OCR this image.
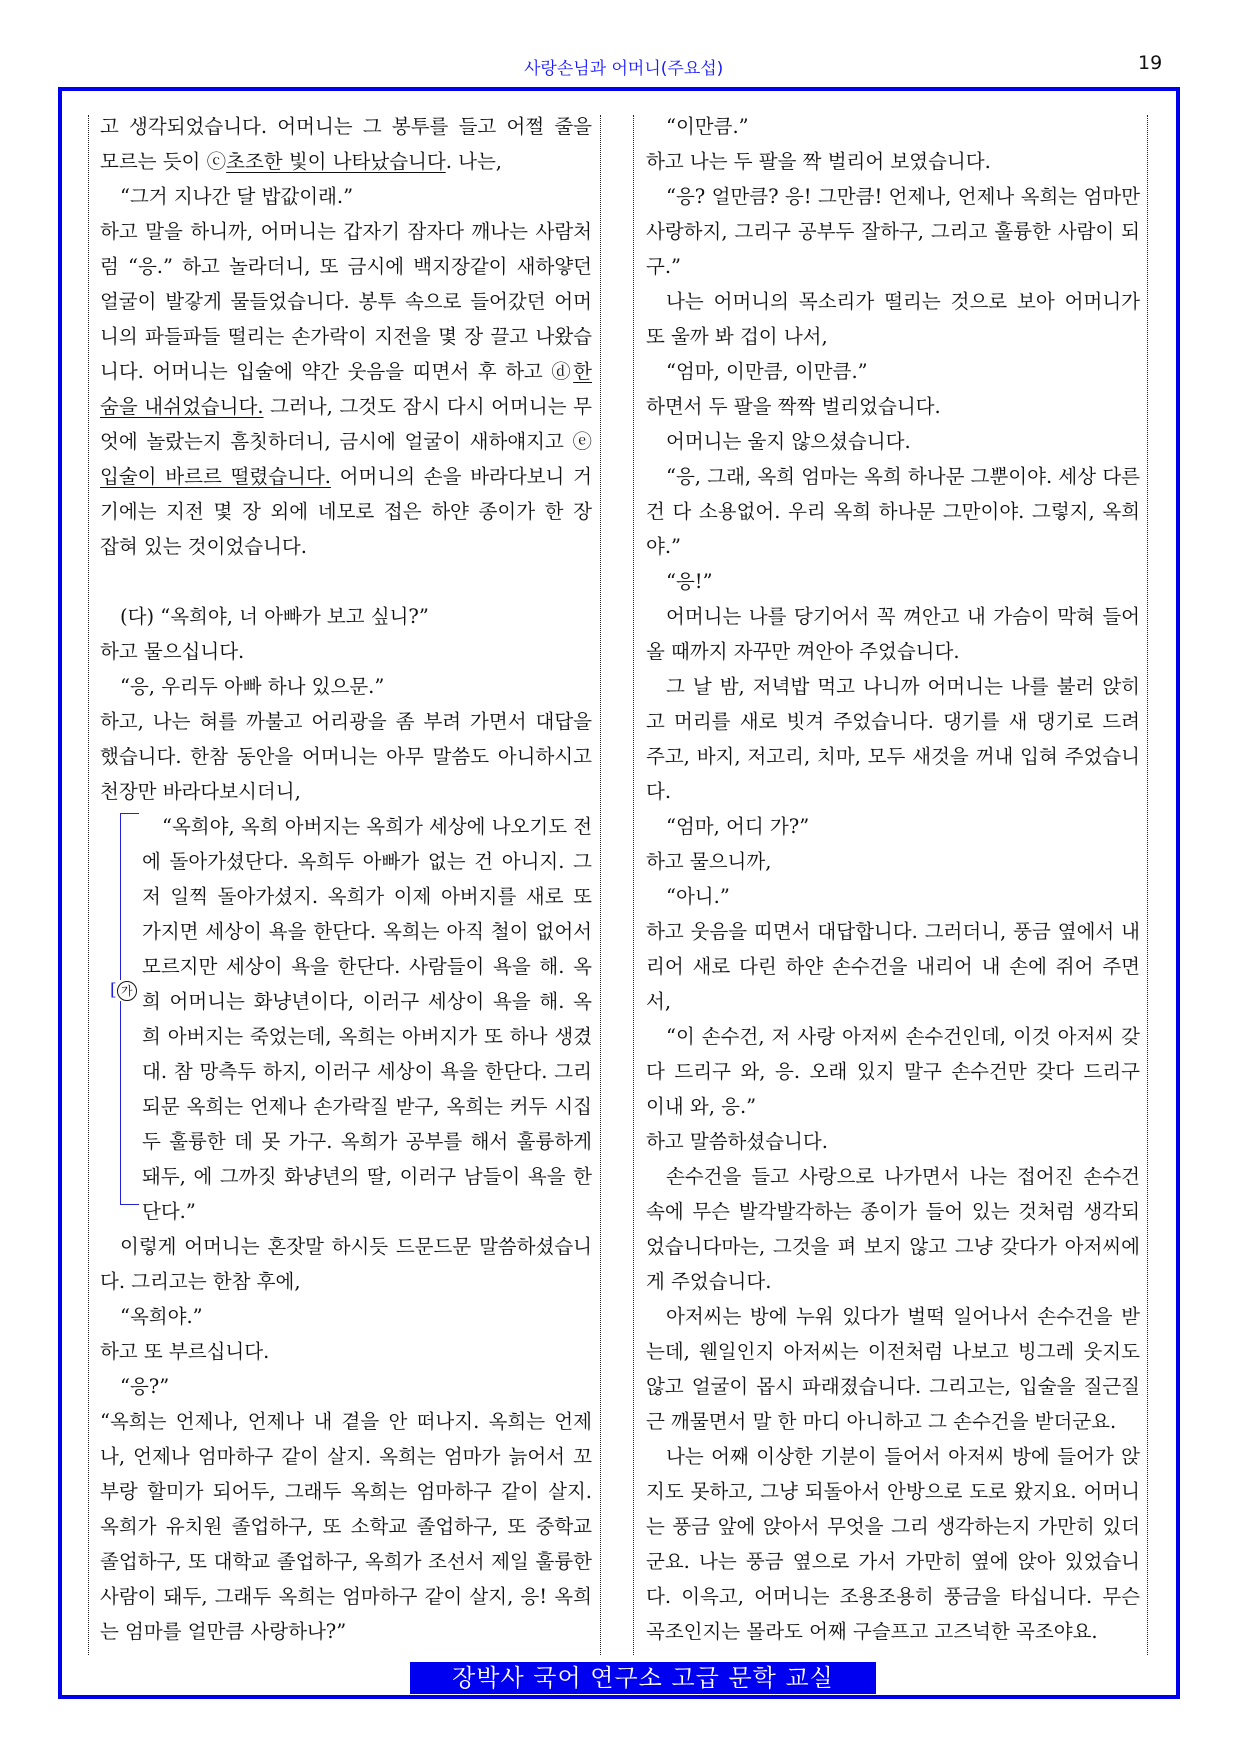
사랑손님과 어머니(주요섭)	19
고 생각되었습니다. 어머니는 그 봉투를 들고 어쩔 줄을
모르는 듯이 ⓒ초조한 빛이 나타났습니다. 나는,
“그거 지나간 달 밥값이래.”
하고 말을 하니까, 어머니는 갑자기 잠자다 깨나는 사람처
럼 “응.” 하고 놀라더니, 또 금시에 백지장같이 새하얗던
얼굴이 발갛게 물들었습니다. 봉투 속으로 들어갔던 어머
니의 파들파들 떨리는 손가락이 지전을 몇 장 끌고 나왔습
니다. 어머니는 입술에 약간 웃음을 띠면서 후 하고 ⓓ한
숨을 내쉬었습니다. 그러나, 그것도 잠시 다시 어머니는 무
엇에 놀랐는지 흠칫하더니, 금시에 얼굴이 새하얘지고 ⓔ
입술이 바르르 떨렸습니다. 어머니의 손을 바라다보니 거
기에는 지전 몇 장 외에 네모로 접은 하얀 종이가 한 장
잡혀 있는 것이었습니다.
(다) “옥희야, 너 아빠가 보고 싶니?”
하고 물으십니다.
“응, 우리두 아빠 하나 있으문.”
하고, 나는 혀를 까불고 어리광을 좀 부려 가면서 대답을
했습니다. 한참 동안을 어머니는 아무 말씀도 아니하시고
천장만 바라다보시더니,
“옥희야, 옥희 아버지는 옥희가 세상에 나오기도 전
에 돌아가셨단다. 옥희두 아빠가 없는 건 아니지. 그
저 일찍 돌아가셨지. 옥희가 이제 아버지를 새로 또
가지면 세상이 욕을 한단다. 옥희는 아직 철이 없어서
모르지만 세상이 욕을 한단다. 사람들이 욕을 해. 옥
희 어머니는 화냥년이다, 이러구 세상이 욕을 해. 옥
희 아버지는 죽었는데, 옥희는 아버지가 또 하나 생겼
대. 참 망측두 하지, 이러구 세상이 욕을 한단다. 그리
되문 옥희는 언제나 손가락질 받구, 옥희는 커두 시집
두 훌륭한 데 못 가구. 옥희가 공부를 해서 훌륭하게
돼두, 에 그까짓 화냥년의 딸, 이러구 남들이 욕을 한
단다.”
이렇게 어머니는 혼잣말 하시듯 드문드문 말씀하셨습니
다. 그리고는 한참 후에,
“옥희야.”
하고 또 부르십니다.
“응?”
“옥희는 언제나, 언제나 내 곁을 안 떠나지. 옥희는 언제
나, 언제나 엄마하구 같이 살지. 옥희는 엄마가 늙어서 꼬
부랑 할미가 되어두, 그래두 옥희는 엄마하구 같이 살지.
옥희가 유치원 졸업하구, 또 소학교 졸업하구, 또 중학교
졸업하구, 또 대학교 졸업하구, 옥희가 조선서 제일 훌륭한
사람이 돼두, 그래두 옥희는 엄마하구 같이 살지, 응! 옥희
는 엄마를 얼만큼 사랑하나?”
[ 가
“이만큼.”
하고 나는 두 팔을 짝 벌리어 보였습니다.
“응? 얼만큼? 응! 그만큼! 언제나, 언제나 옥희는 엄마만
사랑하지, 그리구 공부두 잘하구, 그리고 훌륭한 사람이 되
구.”
나는 어머니의 목소리가 떨리는 것으로 보아 어머니가
또 울까 봐 겁이 나서,
“엄마, 이만큼, 이만큼.”
하면서 두 팔을 짝짝 벌리었습니다.
어머니는 울지 않으셨습니다.
“응, 그래, 옥희 엄마는 옥희 하나문 그뿐이야. 세상 다른
건 다 소용없어. 우리 옥희 하나문 그만이야. 그렇지, 옥희
야.”
“응!”
어머니는 나를 당기어서 꼭 껴안고 내 가슴이 막혀 들어
올 때까지 자꾸만 껴안아 주었습니다.
그 날 밤, 저녁밥 먹고 나니까 어머니는 나를 불러 앉히
고 머리를 새로 빗겨 주었습니다. 댕기를 새 댕기로 드려
주고, 바지, 저고리, 치마, 모두 새것을 꺼내 입혀 주었습니
다.
“엄마, 어디 가?”
하고 물으니까,
“아니.”
하고 웃음을 띠면서 대답합니다. 그러더니, 풍금 옆에서 내
리어 새로 다린 하얀 손수건을 내리어 내 손에 쥐어 주면
서,
“이 손수건, 저 사랑 아저씨 손수건인데, 이것 아저씨 갖
다 드리구 와, 응. 오래 있지 말구 손수건만 갖다 드리구
이내 와, 응.”
하고 말씀하셨습니다.
손수건을 들고 사랑으로 나가면서 나는 접어진 손수건
속에 무슨 발각발각하는 종이가 들어 있는 것처럼 생각되
었습니다마는, 그것을 펴 보지 않고 그냥 갖다가 아저씨에
게 주었습니다.
아저씨는 방에 누워 있다가 벌떡 일어나서 손수건을 받
는데, 웬일인지 아저씨는 이전처럼 나보고 빙그레 웃지도
않고 얼굴이 몹시 파래졌습니다. 그리고는, 입술을 질근질
근 깨물면서 말 한 마디 아니하고 그 손수건을 받더군요.
나는 어째 이상한 기분이 들어서 아저씨 방에 들어가 앉
지도 못하고, 그냥 되돌아서 안방으로 도로 왔지요. 어머니
는 풍금 앞에 앉아서 무엇을 그리 생각하는지 가만히 있더
군요. 나는 풍금 옆으로 가서 가만히 옆에 앉아 있었습니
다. 이윽고, 어머니는 조용조용히 풍금을 타십니다. 무슨
곡조인지는 몰라도 어째 구슬프고 고즈넉한 곡조야요.
장박사 국어 연구소 고급 문학 교실
